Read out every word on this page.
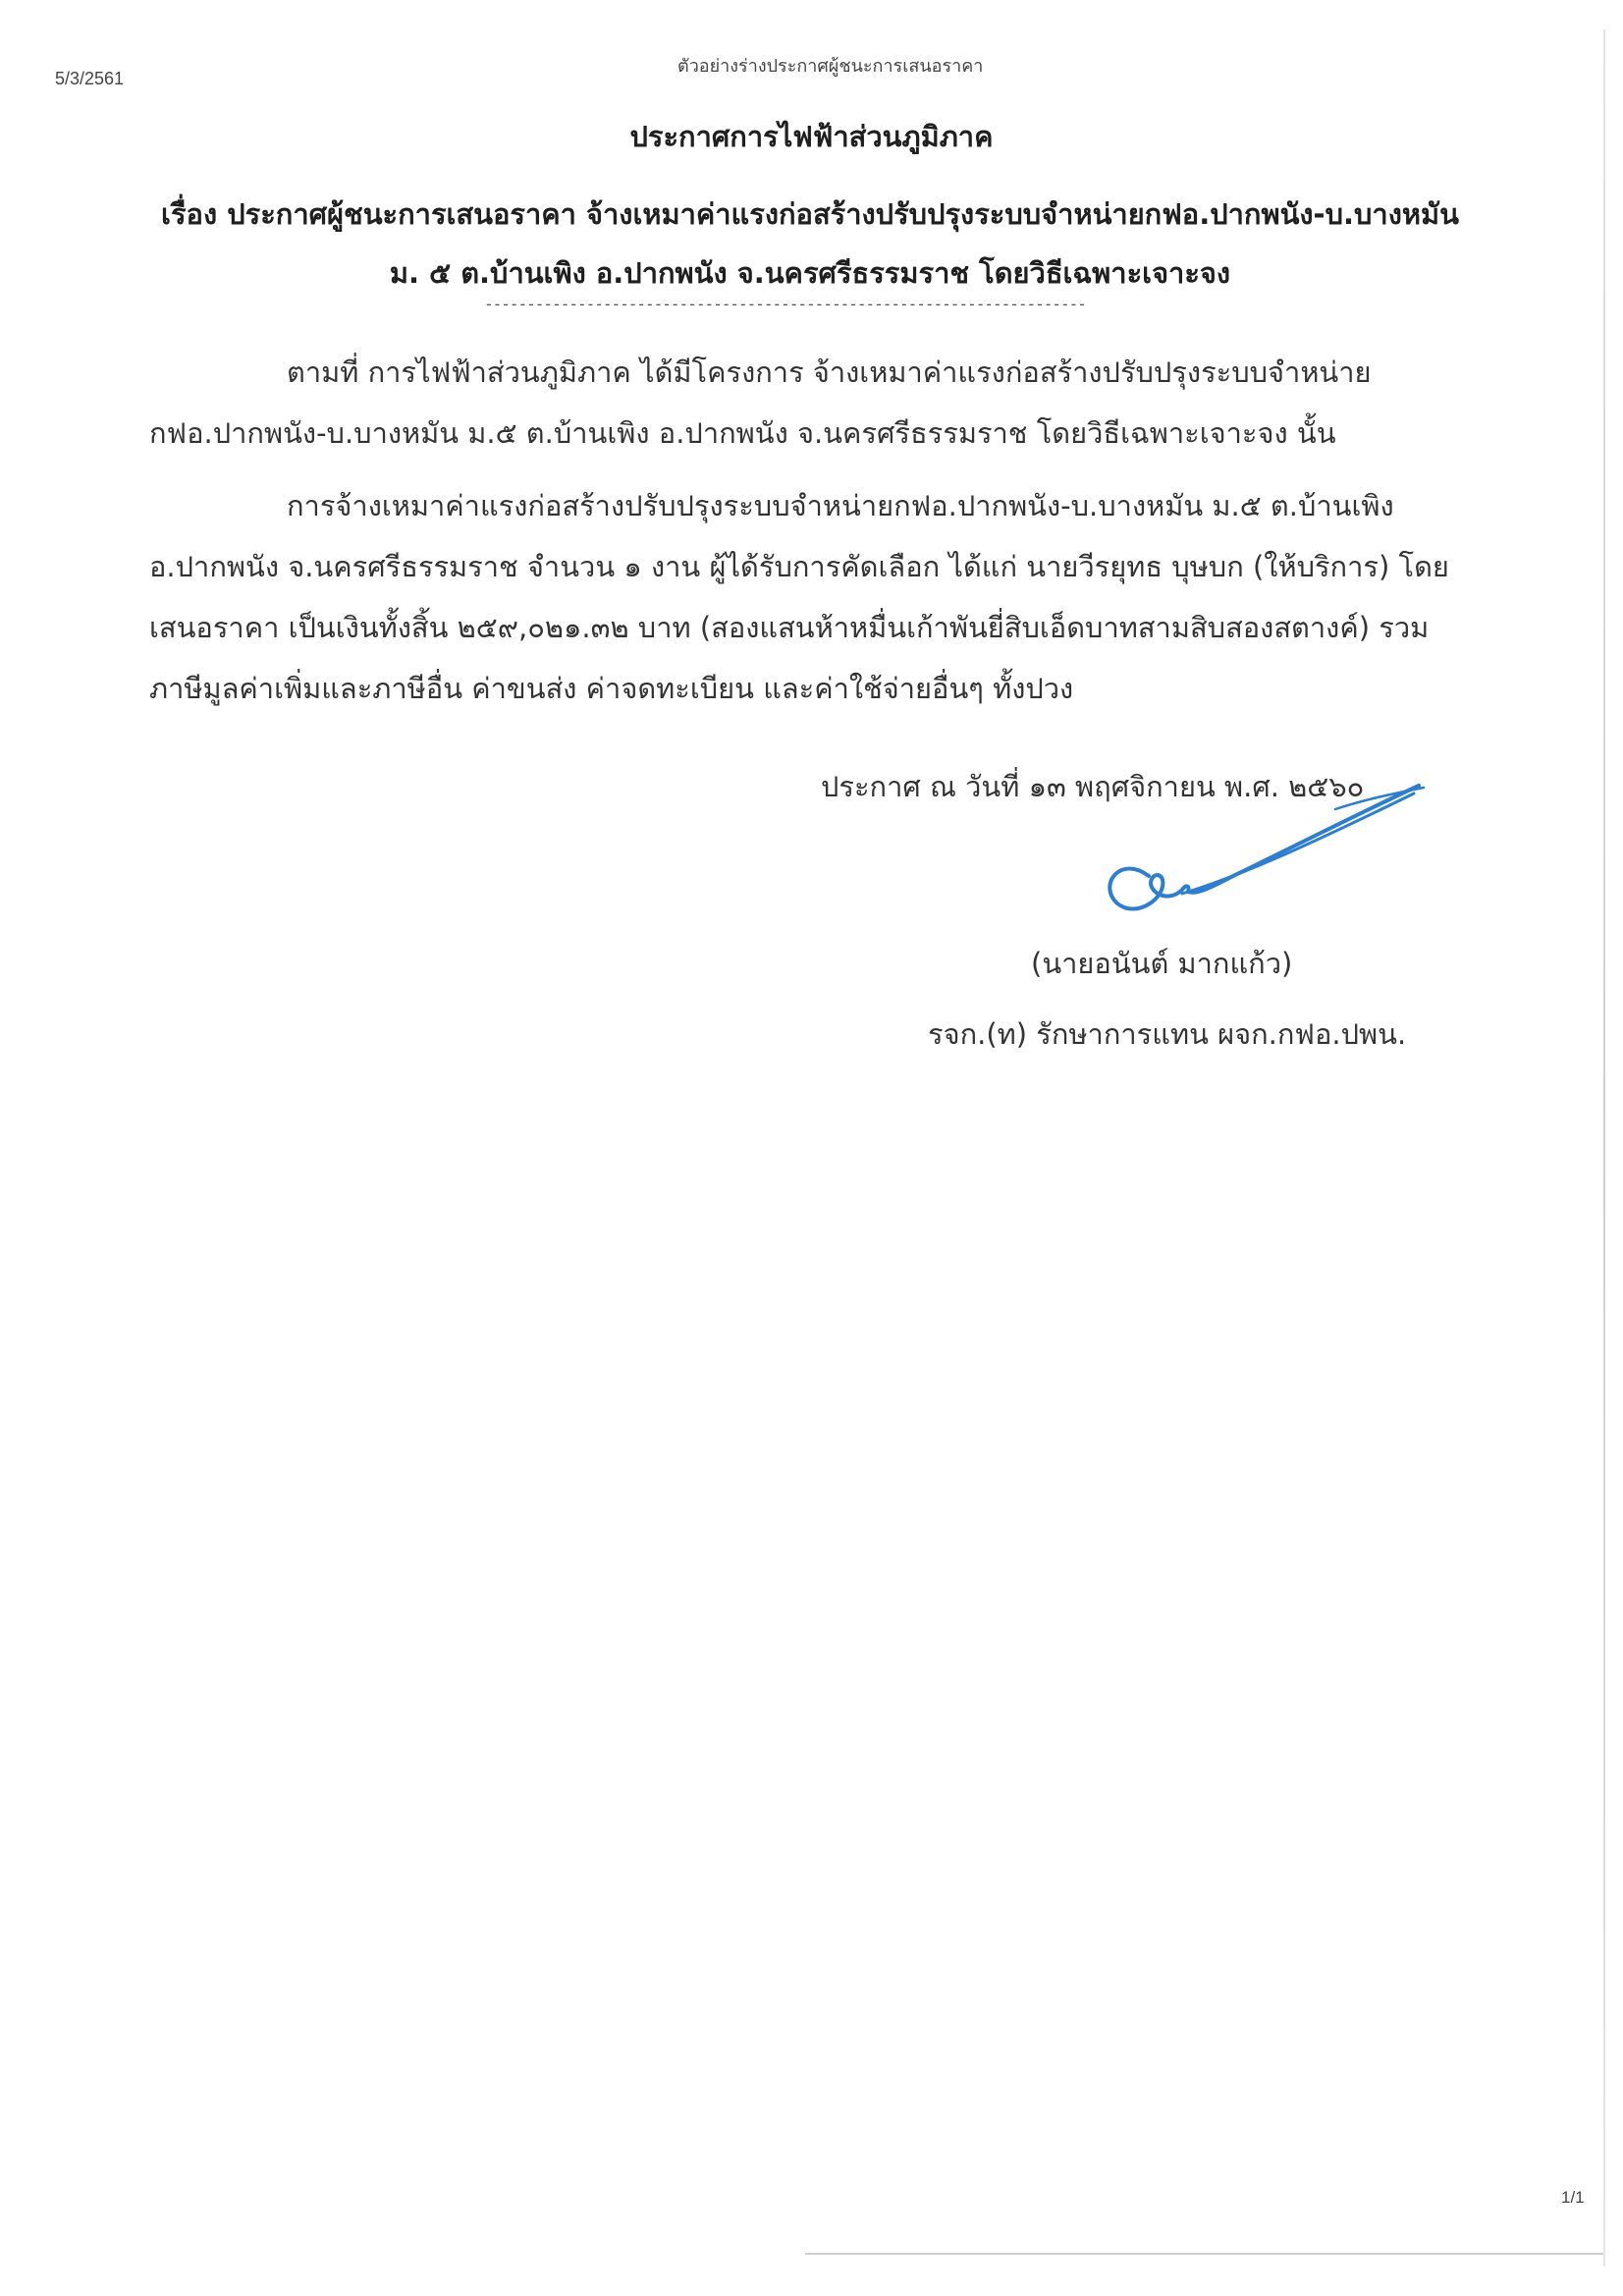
5/3/2561
ตัวอย่างร่างประกาศผู้ชนะการเสนอราคา
ประกาศการไฟฟ้าส่วนภูมิภาค
เรื่อง ประกาศผู้ชนะการเสนอราคา จ้างเหมาค่าแรงก่อสร้างปรับปรุงระบบจำหน่ายกฟอ.ปากพนัง-บ.บางหมัน ม. ๕ ต.บ้านเพิง อ.ปากพนัง จ.นครศรีธรรมราช โดยวิธีเฉพาะเจาะจง
-----------------------------------------------------------------------

ตามที่ การไฟฟ้าส่วนภูมิภาค ได้มีโครงการ จ้างเหมาค่าแรงก่อสร้างปรับปรุงระบบจำหน่าย กฟอ.ปากพนัง-บ.บางหมัน ม.๕ ต.บ้านเพิง อ.ปากพนัง จ.นครศรีธรรมราช โดยวิธีเฉพาะเจาะจง นั้น

การจ้างเหมาค่าแรงก่อสร้างปรับปรุงระบบจำหน่ายกฟอ.ปากพนัง-บ.บางหมัน ม.๕ ต.บ้านเพิง อ.ปากพนัง จ.นครศรีธรรมราช จำนวน ๑ งาน ผู้ได้รับการคัดเลือก ได้แก่ นายวีรยุทธ บุษบก (ให้บริการ) โดยเสนอราคา เป็นเงินทั้งสิ้น ๒๕๙,๐๒๑.๓๒ บาท (สองแสนห้าหมื่นเก้าพันยี่สิบเอ็ดบาทสามสิบสองสตางค์) รวมภาษีมูลค่าเพิ่มและภาษีอื่น ค่าขนส่ง ค่าจดทะเบียน และค่าใช้จ่ายอื่นๆ ทั้งปวง

ประกาศ ณ วันที่ ๑๓ พฤศจิกายน พ.ศ. ๒๕๖๐
(นายอนันต์ มากแก้ว)
รจก.(ท) รักษาการแทน ผจก.กฟอ.ปพน.
1/1
